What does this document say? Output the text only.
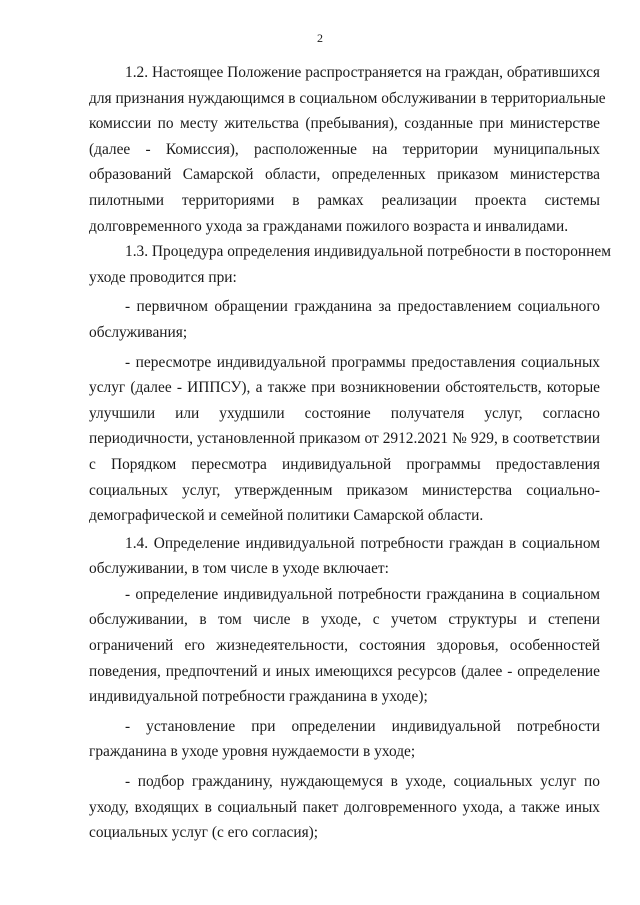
2
1.2. Настоящее Положение распространяется на граждан, обратившихся
для признания нуждающимся в социальном обслуживании в территориальные
комиссии по месту жительства (пребывания), созданные при министерстве
(далее - Комиссия), расположенные на территории муниципальных
образований Самарской области, определенных приказом министерства
пилотными территориями в рамках реализации проекта системы
долговременного ухода за гражданами пожилого возраста и инвалидами.
1.3. Процедура определения индивидуальной потребности в постороннем
уходе проводится при:
- первичном обращении гражданина за предоставлением социального
обслуживания;
- пересмотре индивидуальной программы предоставления социальных
услуг (далее - ИППСУ), а также при возникновении обстоятельств, которые
улучшили или ухудшили состояние получателя услуг, согласно
периодичности, установленной приказом от 2912.2021 № 929, в соответствии
с Порядком пересмотра индивидуальной программы предоставления
социальных услуг, утвержденным приказом министерства социально-
демографической и семейной политики Самарской области.
1.4. Определение индивидуальной потребности граждан в социальном
обслуживании, в том числе в уходе включает:
- определение индивидуальной потребности гражданина в социальном
обслуживании, в том числе в уходе, с учетом структуры и степени
ограничений его жизнедеятельности, состояния здоровья, особенностей
поведения, предпочтений и иных имеющихся ресурсов (далее - определение
индивидуальной потребности гражданина в уходе);
- установление при определении индивидуальной потребности
гражданина в уходе уровня нуждаемости в уходе;
- подбор гражданину, нуждающемуся в уходе, социальных услуг по
уходу, входящих в социальный пакет долговременного ухода, а также иных
социальных услуг (с его согласия);
